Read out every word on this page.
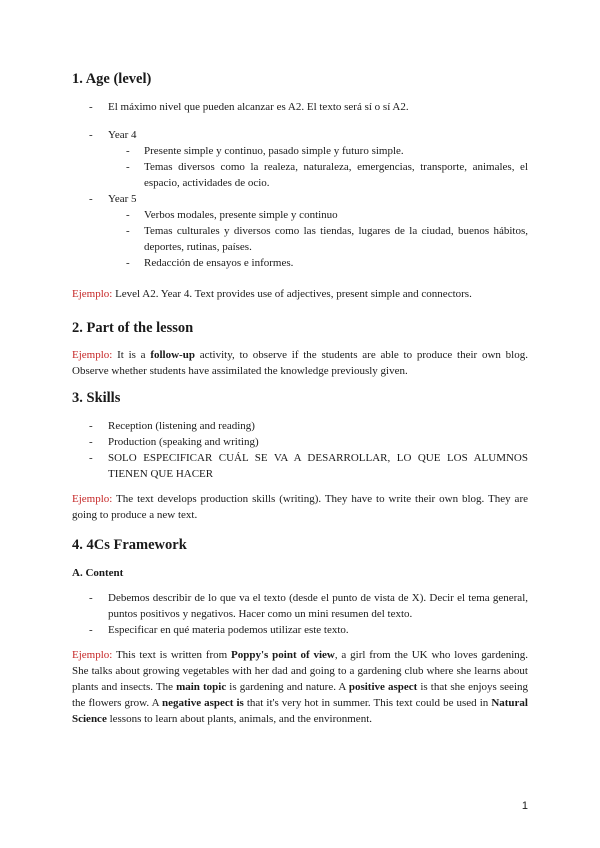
1. Age (level)
- El máximo nivel que pueden alcanzar es A2. El texto será sí o sí A2.
- Year 4
- Presente simple y continuo, pasado simple y futuro simple.
- Temas diversos como la realeza, naturaleza, emergencias, transporte, animales, el espacio, actividades de ocio.
- Year 5
- Verbos modales, presente simple y continuo
- Temas culturales y diversos como las tiendas, lugares de la ciudad, buenos hábitos, deportes, rutinas, países.
- Redacción de ensayos e informes.

Ejemplo: Level A2. Year 4. Text provides use of adjectives, present simple and connectors.

2. Part of the lesson

Ejemplo: It is a follow-up activity, to observe if the students are able to produce their own blog. Observe whether students have assimilated the knowledge previously given.

3. Skills
- Reception (listening and reading)
- Production (speaking and writing)
- SOLO ESPECIFICAR CUÁL SE VA A DESARROLLAR, LO QUE LOS ALUMNOS TIENEN QUE HACER

Ejemplo: The text develops production skills (writing). They have to write their own blog. They are going to produce a new text.

4. 4Cs Framework
A. Content
- Debemos describir de lo que va el texto (desde el punto de vista de X). Decir el tema general, puntos positivos y negativos. Hacer como un mini resumen del texto.
- Especificar en qué materia podemos utilizar este texto.

Ejemplo: This text is written from Poppy's point of view, a girl from the UK who loves gardening. She talks about growing vegetables with her dad and going to a gardening club where she learns about plants and insects. The main topic is gardening and nature. A positive aspect is that she enjoys seeing the flowers grow. A negative aspect is that it's very hot in summer. This text could be used in Natural Science lessons to learn about plants, animals, and the environment.

1
